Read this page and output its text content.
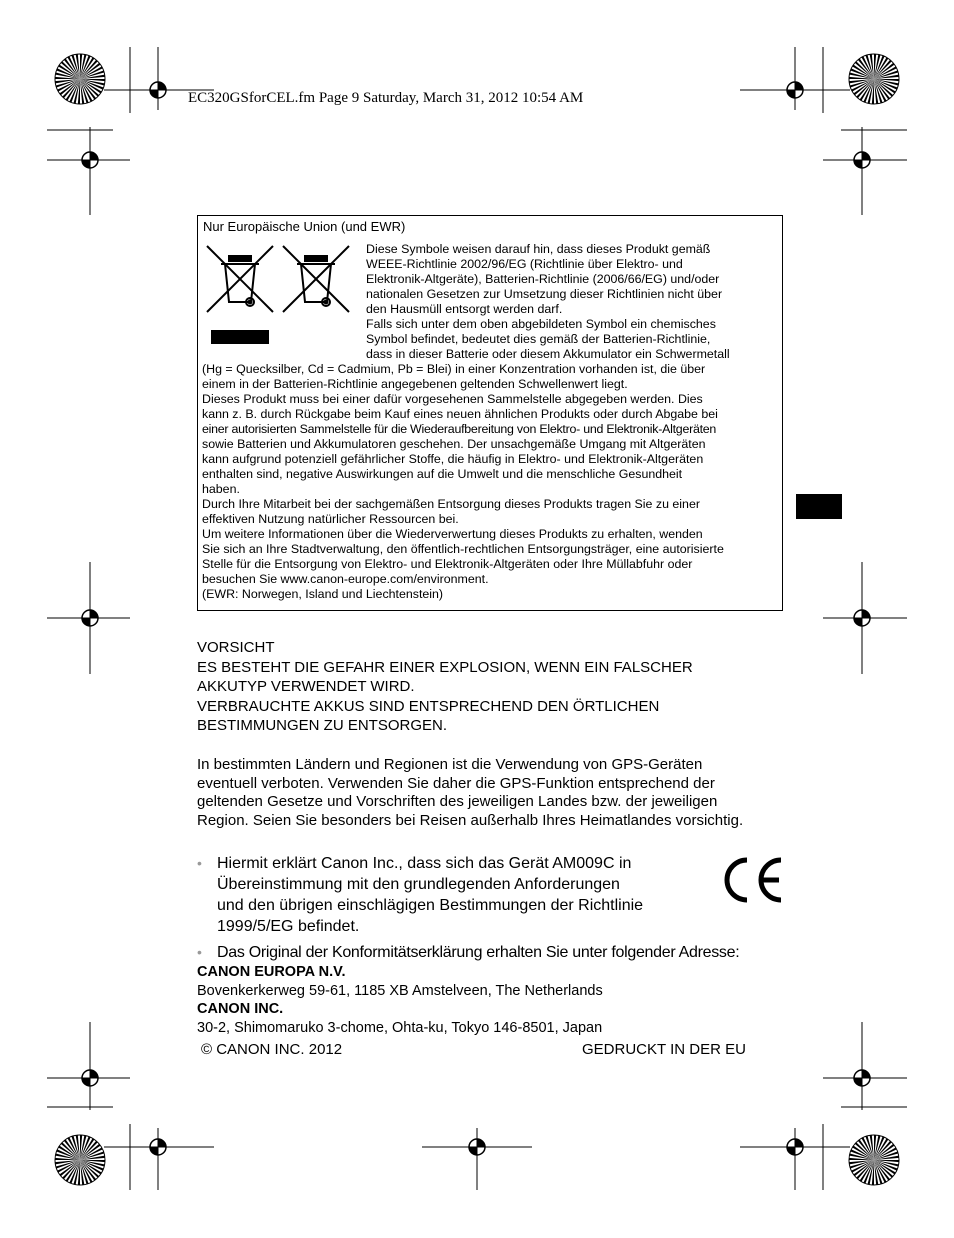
EC320GSforCEL.fm Page 9 Saturday, March 31, 2012 10:54 AM
Nur Europäische Union (und EWR)
Diese Symbole weisen darauf hin, dass dieses Produkt gemäß
WEEE-Richtlinie 2002/96/EG (Richtlinie über Elektro- und
Elektronik-Altgeräte), Batterien-Richtlinie (2006/66/EG) und/oder
nationalen Gesetzen zur Umsetzung dieser Richtlinien nicht über
den Hausmüll entsorgt werden darf.
Falls sich unter dem oben abgebildeten Symbol ein chemisches
Symbol befindet, bedeutet dies gemäß der Batterien-Richtlinie,
dass in dieser Batterie oder diesem Akkumulator ein Schwermetall
(Hg = Quecksilber, Cd = Cadmium, Pb = Blei) in einer Konzentration vorhanden ist, die über
einem in der Batterien-Richtlinie angegebenen geltenden Schwellenwert liegt.
Dieses Produkt muss bei einer dafür vorgesehenen Sammelstelle abgegeben werden. Dies
kann z. B. durch Rückgabe beim Kauf eines neuen ähnlichen Produkts oder durch Abgabe bei
einer autorisierten Sammelstelle für die Wiederaufbereitung von Elektro- und Elektronik-Altgeräten
sowie Batterien und Akkumulatoren geschehen. Der unsachgemäße Umgang mit Altgeräten
kann aufgrund potenziell gefährlicher Stoffe, die häufig in Elektro- und Elektronik-Altgeräten
enthalten sind, negative Auswirkungen auf die Umwelt und die menschliche Gesundheit
haben.
Durch Ihre Mitarbeit bei der sachgemäßen Entsorgung dieses Produkts tragen Sie zu einer
effektiven Nutzung natürlicher Ressourcen bei.
Um weitere Informationen über die Wiederverwertung dieses Produkts zu erhalten, wenden
Sie sich an Ihre Stadtverwaltung, den öffentlich-rechtlichen Entsorgungsträger, eine autorisierte
Stelle für die Entsorgung von Elektro- und Elektronik-Altgeräten oder Ihre Müllabfuhr oder
besuchen Sie www.canon-europe.com/environment.
(EWR: Norwegen, Island und Liechtenstein)
VORSICHT
ES BESTEHT DIE GEFAHR EINER EXPLOSION, WENN EIN FALSCHER
AKKUTYP VERWENDET WIRD.
VERBRAUCHTE AKKUS SIND ENTSPRECHEND DEN ÖRTLICHEN
BESTIMMUNGEN ZU ENTSORGEN.
In bestimmten Ländern und Regionen ist die Verwendung von GPS-Geräten
eventuell verboten. Verwenden Sie daher die GPS-Funktion entsprechend der
geltenden Gesetze und Vorschriften des jeweiligen Landes bzw. der jeweiligen
Region. Seien Sie besonders bei Reisen außerhalb Ihres Heimatlandes vorsichtig.
• Hiermit erklärt Canon Inc., dass sich das Gerät AM009C in
Übereinstimmung mit den grundlegenden Anforderungen
und den übrigen einschlägigen Bestimmungen der Richtlinie
1999/5/EG befindet.
• Das Original der Konformitätserklärung erhalten Sie unter folgender Adresse:
CANON EUROPA N.V.
Bovenkerkerweg 59-61, 1185 XB Amstelveen, The Netherlands
CANON INC.
30-2, Shimomaruko 3-chome, Ohta-ku, Tokyo 146-8501, Japan
© CANON INC. 2012	GEDRUCKT IN DER EU
